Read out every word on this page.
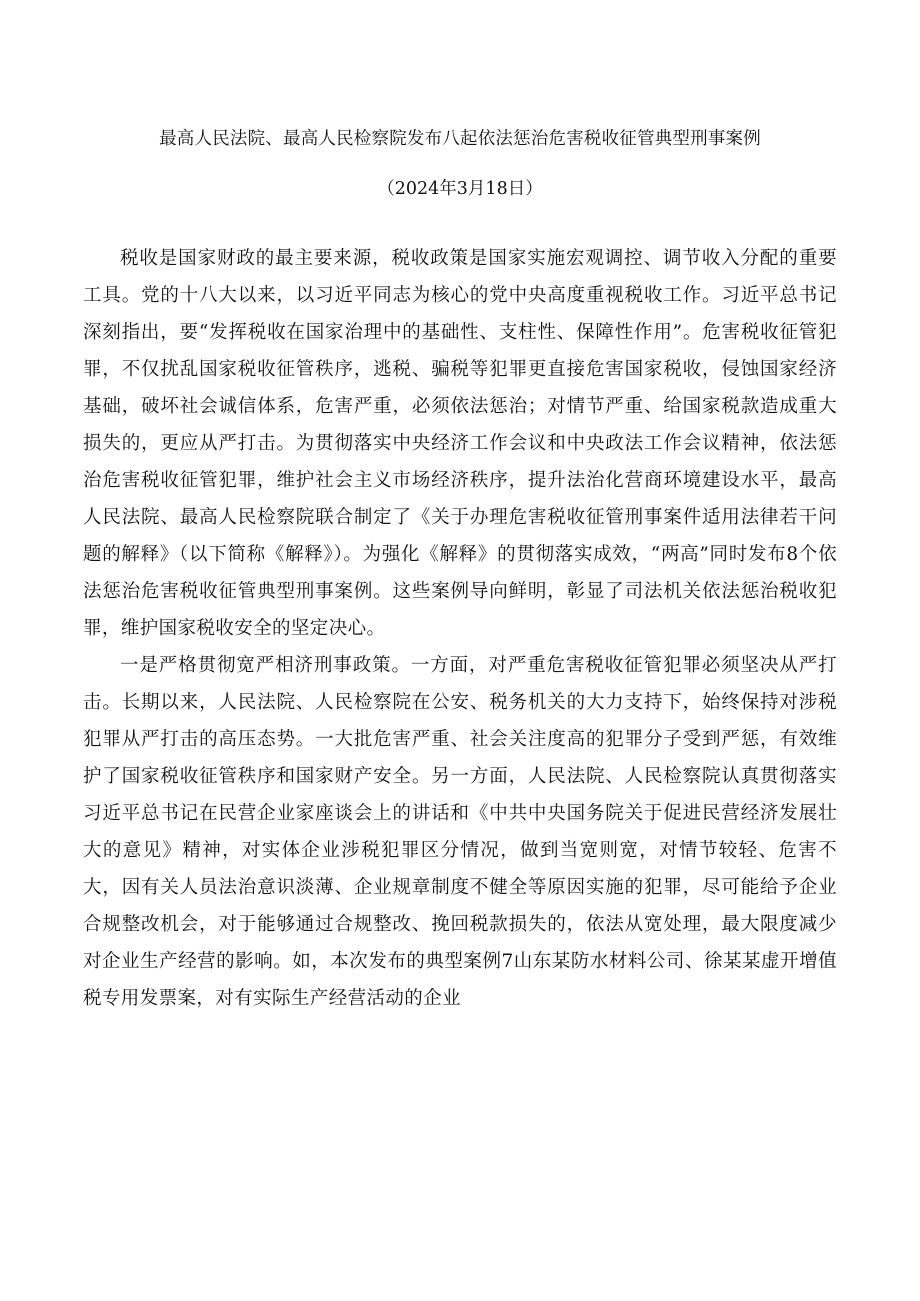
最高人民法院、最高人民检察院发布八起依法惩治危害税收征管典型刑事案例
（2024年3月18日）

税收是国家财政的最主要来源，税收政策是国家实施宏观调控、调节收入分配的重要工具。党的十八大以来，以习近平同志为核心的党中央高度重视税收工作。习近平总书记深刻指出，要“发挥税收在国家治理中的基础性、支柱性、保障性作用”。危害税收征管犯罪，不仅扰乱国家税收征管秩序，逃税、骗税等犯罪更直接危害国家税收，侵蚀国家经济基础，破坏社会诚信体系，危害严重，必须依法惩治；对情节严重、给国家税款造成重大损失的，更应从严打击。为贯彻落实中央经济工作会议和中央政法工作会议精神，依法惩治危害税收征管犯罪，维护社会主义市场经济秩序，提升法治化营商环境建设水平，最高人民法院、最高人民检察院联合制定了《关于办理危害税收征管刑事案件适用法律若干问题的解释》（以下简称《解释》）。为强化《解释》的贯彻落实成效，“两高”同时发布8个依法惩治危害税收征管典型刑事案例。这些案例导向鲜明，彰显了司法机关依法惩治税收犯罪，维护国家税收安全的坚定决心。

一是严格贯彻宽严相济刑事政策。一方面，对严重危害税收征管犯罪必须坚决从严打击。长期以来，人民法院、人民检察院在公安、税务机关的大力支持下，始终保持对涉税犯罪从严打击的高压态势。一大批危害严重、社会关注度高的犯罪分子受到严惩，有效维护了国家税收征管秩序和国家财产安全。另一方面，人民法院、人民检察院认真贯彻落实习近平总书记在民营企业家座谈会上的讲话和《中共中央国务院关于促进民营经济发展壮大的意见》精神，对实体企业涉税犯罪区分情况，做到当宽则宽，对情节较轻、危害不大，因有关人员法治意识淡薄、企业规章制度不健全等原因实施的犯罪，尽可能给予企业合规整改机会，对于能够通过合规整改、挽回税款损失的，依法从宽处理，最大限度减少对企业生产经营的影响。如，本次发布的典型案例7山东某防水材料公司、徐某某虚开增值税专用发票案，对有实际生产经营活动的企业
